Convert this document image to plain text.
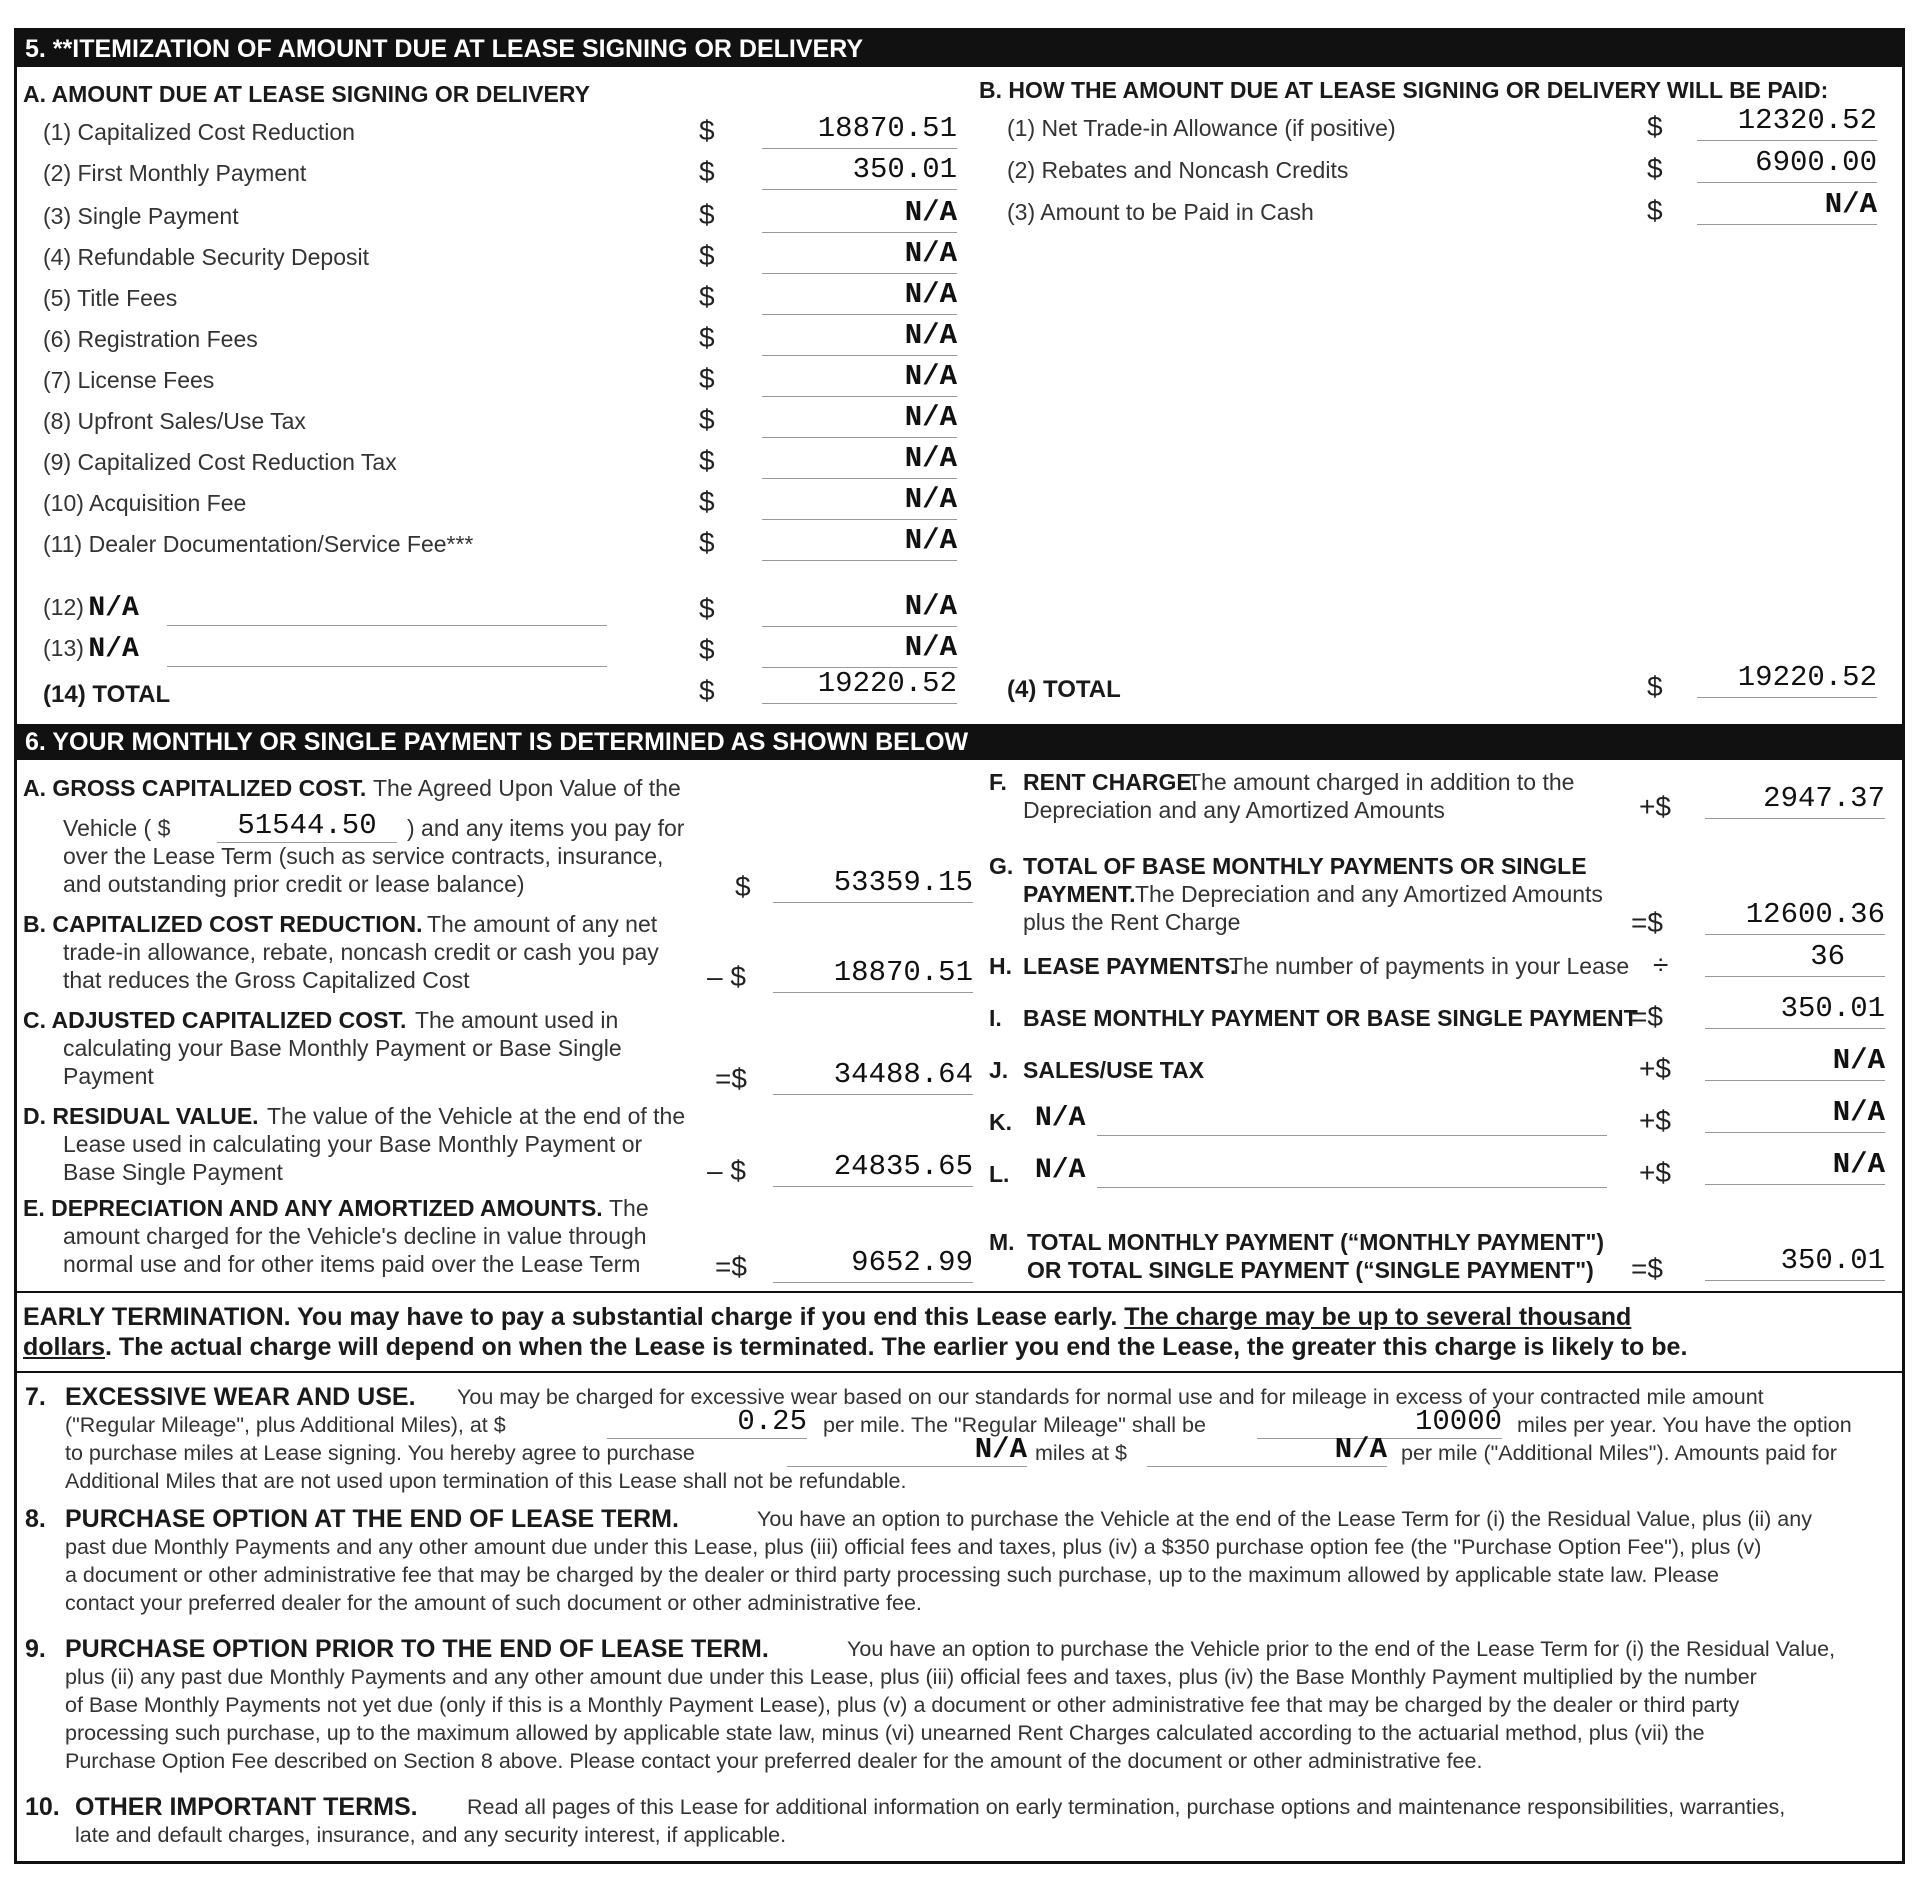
5. **ITEMIZATION OF AMOUNT DUE AT LEASE SIGNING OR DELIVERY
A. AMOUNT DUE AT LEASE SIGNING OR DELIVERY	B. HOW THE AMOUNT DUE AT LEASE SIGNING OR DELIVERY WILL BE PAID:
(1) Capitalized Cost Reduction	$	18870.51
(2) First Monthly Payment	$	350.01
(3) Single Payment	$	N/A
(4) Refundable Security Deposit	$	N/A
(5) Title Fees	$	N/A
(6) Registration Fees	$	N/A
(7) License Fees	$	N/A
(8) Upfront Sales/Use Tax	$	N/A
(9) Capitalized Cost Reduction Tax	$	N/A
(10) Acquisition Fee	$	N/A
(11) Dealer Documentation/Service Fee***	$	N/A
(12) N/A	$	N/A
(13) N/A	$	N/A
(14) TOTAL	$	19220.52
(1) Net Trade-in Allowance (if positive)	$	12320.52
(2) Rebates and Noncash Credits	$	6900.00
(3) Amount to be Paid in Cash	$	N/A
(4) TOTAL	$	19220.52
6. YOUR MONTHLY OR SINGLE PAYMENT IS DETERMINED AS SHOWN BELOW
A. GROSS CAPITALIZED COST. The Agreed Upon Value of the
Vehicle ( $	51544.50	) and any items you pay for
over the Lease Term (such as service contracts, insurance,
and outstanding prior credit or lease balance)	$	53359.15
B. CAPITALIZED COST REDUCTION. The amount of any net
trade-in allowance, rebate, noncash credit or cash you pay
that reduces the Gross Capitalized Cost	– $	18870.51
C. ADJUSTED CAPITALIZED COST. The amount used in
calculating your Base Monthly Payment or Base Single
Payment	=$	34488.64
D. RESIDUAL VALUE. The value of the Vehicle at the end of the
Lease used in calculating your Base Monthly Payment or
Base Single Payment	– $	24835.65
E. DEPRECIATION AND ANY AMORTIZED AMOUNTS. The
amount charged for the Vehicle's decline in value through
normal use and for other items paid over the Lease Term	=$	9652.99
F. RENT CHARGE.
The amount charged in addition to the
Depreciation and any Amortized Amounts	+$	2947.37
G. TOTAL OF BASE MONTHLY PAYMENTS OR SINGLE
PAYMENT. The Depreciation and any Amortized Amounts
plus the Rent Charge	=$	12600.36
H. LEASE PAYMENTS.
The number of payments in your Lease ÷	36
I. BASE MONTHLY PAYMENT OR BASE SINGLE PAYMENT
=$	350.01
J. SALES/USE TAX	+$	N/A
K. N/A	+$	N/A
L. N/A	+$	N/A
M. TOTAL MONTHLY PAYMENT (“MONTHLY PAYMENT")
OR TOTAL SINGLE PAYMENT (“SINGLE PAYMENT") =$	350.01
EARLY TERMINATION. You may have to pay a substantial charge if you end this Lease early. The charge may be up to several thousand
dollars. The actual charge will depend on when the Lease is terminated. The earlier you end the Lease, the greater this charge is likely to be.
7. EXCESSIVE WEAR AND USE. You may be charged for excessive wear based on our standards for normal use and for mileage in excess of your contracted mile amount
("Regular Mileage", plus Additional Miles), at $	0.25 per mile. The "Regular Mileage" shall be	10000 miles per year. You have the option
to purchase miles at Lease signing. You hereby agree to purchase	N/A miles at $	N/A per mile ("Additional Miles"). Amounts paid for
Additional Miles that are not used upon termination of this Lease shall not be refundable.
8. PURCHASE OPTION AT THE END OF LEASE TERM.	You have an option to purchase the Vehicle at the end of the Lease Term for (i) the Residual Value, plus (ii) any
past due Monthly Payments and any other amount due under this Lease, plus (iii) official fees and taxes, plus (iv) a $350 purchase option fee (the "Purchase Option Fee"), plus (v)
a document or other administrative fee that may be charged by the dealer or third party processing such purchase, up to the maximum allowed by applicable state law. Please
contact your preferred dealer for the amount of such document or other administrative fee.
9. PURCHASE OPTION PRIOR TO THE END OF LEASE TERM.	You have an option to purchase the Vehicle prior to the end of the Lease Term for (i) the Residual Value,
plus (ii) any past due Monthly Payments and any other amount due under this Lease, plus (iii) official fees and taxes, plus (iv) the Base Monthly Payment multiplied by the number
of Base Monthly Payments not yet due (only if this is a Monthly Payment Lease), plus (v) a document or other administrative fee that may be charged by the dealer or third party
processing such purchase, up to the maximum allowed by applicable state law, minus (vi) unearned Rent Charges calculated according to the actuarial method, plus (vii) the
Purchase Option Fee described on Section 8 above. Please contact your preferred dealer for the amount of the document or other administrative fee.
10. OTHER IMPORTANT TERMS. Read all pages of this Lease for additional information on early termination, purchase options and maintenance responsibilities, warranties,
late and default charges, insurance, and any security interest, if applicable.
